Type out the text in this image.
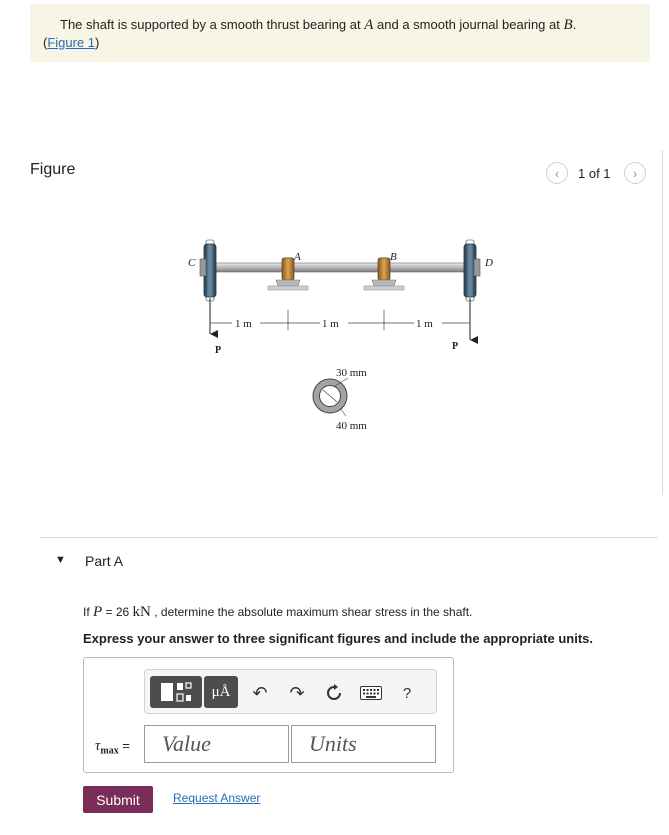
The shaft is supported by a smooth thrust bearing at A and a smooth journal bearing at B.
(Figure 1)
Figure	‹ 1 of 1 ›
C	A	B	D
1 m	1 m	1 m
P	P
30 mm
40 mm
▼ Part A
If P = 26 kN , determine the absolute maximum shear stress in the shaft.
Express your answer to three significant figures and include the appropriate units.
μÅ	↶ ↷	?
$\tau_{max}$ =
Value
Units
Submit	Request Answer
